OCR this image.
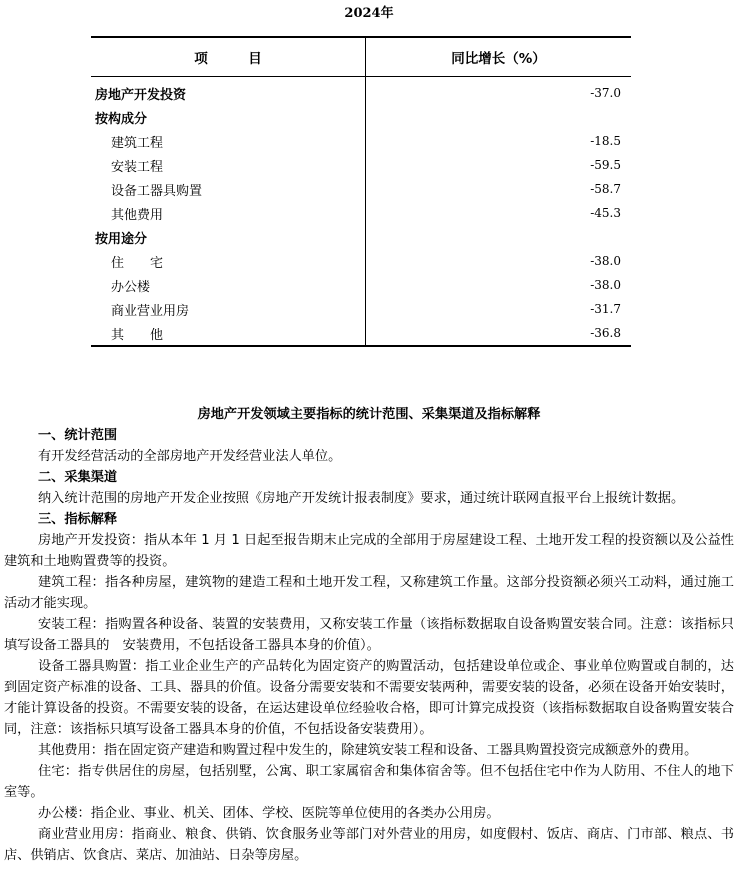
2024年
项　　　目	同比增长（%）
房地产开发投资	-37.0
按构成分	
建筑工程	-18.5
安装工程	-59.5
设备工器具购置	-58.7
其他费用	-45.3
按用途分	
住　　宅	-38.0
办公楼	-38.0
商业营业用房	-31.7
其　　他	-36.8
房地产开发领域主要指标的统计范围、采集渠道及指标解释
一、统计范围

有开发经营活动的全部房地产开发经营业法人单位。

二、采集渠道

纳入统计范围的房地产开发企业按照《房地产开发统计报表制度》要求，通过统计联网直报平台上报统计数据。

三、指标解释

房地产开发投资：指从本年 1 月 1 日起至报告期末止完成的全部用于房屋建设工程、土地开发工程的投资额以及公益性建筑和土地购置费等的投资。

建筑工程：指各种房屋，建筑物的建造工程和土地开发工程，又称建筑工作量。这部分投资额必须兴工动料，通过施工活动才能实现。

安装工程：指购置各种设备、装置的安装费用，又称安装工作量（该指标数据取自设备购置安装合同。注意：该指标只填写设备工器具的　安装费用，不包括设备工器具本身的价值）。

设备工器具购置：指工业企业生产的产品转化为固定资产的购置活动，包括建设单位或企、事业单位购置或自制的，达到固定资产标准的设备、工具、器具的价值。设备分需要安装和不需要安装两种，需要安装的设备，必须在设备开始安装时，才能计算设备的投资。不需要安装的设备，在运达建设单位经验收合格，即可计算完成投资（该指标数据取自设备购置安装合同，注意：该指标只填写设备工器具本身的价值，不包括设备安装费用）。

其他费用：指在固定资产建造和购置过程中发生的，除建筑安装工程和设备、工器具购置投资完成额意外的费用。

住宅：指专供居住的房屋，包括别墅，公寓、职工家属宿舍和集体宿舍等。但不包括住宅中作为人防用、不住人的地下室等。

办公楼：指企业、事业、机关、团体、学校、医院等单位使用的各类办公用房。

商业营业用房：指商业、粮食、供销、饮食服务业等部门对外营业的用房，如度假村、饭店、商店、门市部、粮点、书店、供销店、饮食店、菜店、加油站、日杂等房屋。
